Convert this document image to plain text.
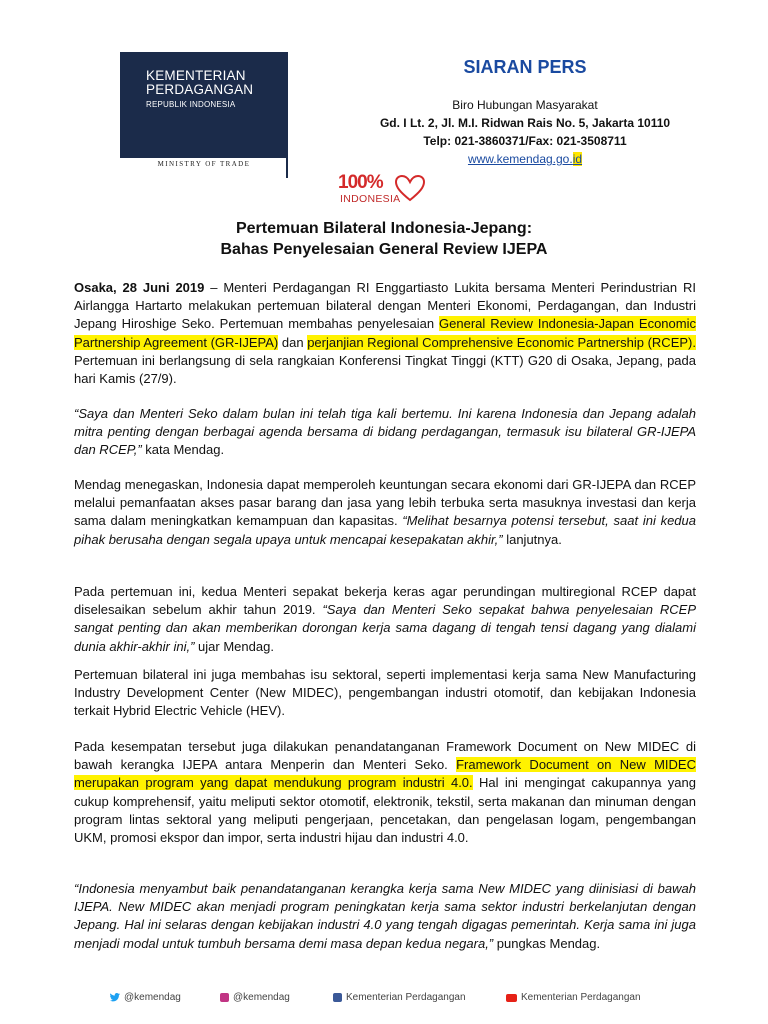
KEMENTERIAN
PERDAGANGAN
REPUBLIK INDONESIA
MINISTRY OF TRADE
SIARAN PERS
Biro Hubungan Masyarakat
Gd. I Lt. 2, Jl. M.I. Ridwan Rais No. 5, Jakarta 10110
Telp: 021-3860371/Fax: 021-3508711
www.kemendag.go.id
100%
INDONESIA
Pertemuan Bilateral Indonesia-Jepang:
Bahas Penyelesaian General Review IJEPA
Osaka, 28 Juni 2019 – Menteri Perdagangan RI Enggartiasto Lukita bersama Menteri Perindustrian RI Airlangga Hartarto melakukan pertemuan bilateral dengan Menteri Ekonomi, Perdagangan, dan Industri Jepang Hiroshige Seko. Pertemuan membahas penyelesaian General Review Indonesia-Japan Economic Partnership Agreement (GR-IJEPA) dan perjanjian Regional Comprehensive Economic Partnership (RCEP). Pertemuan ini berlangsung di sela rangkaian Konferensi Tingkat Tinggi (KTT) G20 di Osaka, Jepang, pada hari Kamis (27/9).
“Saya dan Menteri Seko dalam bulan ini telah tiga kali bertemu. Ini karena Indonesia dan Jepang adalah mitra penting dengan berbagai agenda bersama di bidang perdagangan, termasuk isu bilateral GR-IJEPA dan RCEP,” kata Mendag.
Mendag menegaskan, Indonesia dapat memperoleh keuntungan secara ekonomi dari GR-IJEPA dan RCEP melalui pemanfaatan akses pasar barang dan jasa yang lebih terbuka serta masuknya investasi dan kerja sama dalam meningkatkan kemampuan dan kapasitas. “Melihat besarnya potensi tersebut, saat ini kedua pihak berusaha dengan segala upaya untuk mencapai kesepakatan akhir,” lanjutnya.
Pada pertemuan ini, kedua Menteri sepakat bekerja keras agar perundingan multiregional RCEP dapat diselesaikan sebelum akhir tahun 2019. “Saya dan Menteri Seko sepakat bahwa penyelesaian RCEP sangat penting dan akan memberikan dorongan kerja sama dagang di tengah tensi dagang yang dialami dunia akhir-akhir ini,” ujar Mendag.
Pertemuan bilateral ini juga membahas isu sektoral, seperti implementasi kerja sama New Manufacturing Industry Development Center (New MIDEC), pengembangan industri otomotif, dan kebijakan Indonesia terkait Hybrid Electric Vehicle (HEV).
Pada kesempatan tersebut juga dilakukan penandatanganan Framework Document on New MIDEC di bawah kerangka IJEPA antara Menperin dan Menteri Seko. Framework Document on New MIDEC merupakan program yang dapat mendukung program industri 4.0. Hal ini mengingat cakupannya yang cukup komprehensif, yaitu meliputi sektor otomotif, elektronik, tekstil, serta makanan dan minuman dengan program lintas sektoral yang meliputi pengerjaan, pencetakan, dan pengelasan logam, pengembangan UKM, promosi ekspor dan impor, serta industri hijau dan industri 4.0.
“Indonesia menyambut baik penandatanganan kerangka kerja sama New MIDEC yang diinisiasi di bawah IJEPA. New MIDEC akan menjadi program peningkatan kerja sama sektor industri berkelanjutan dengan Jepang. Hal ini selaras dengan kebijakan industri 4.0 yang tengah digagas pemerintah. Kerja sama ini juga menjadi modal untuk tumbuh bersama demi masa depan kedua negara,” pungkas Mendag.
@kemendag	@kemendag	Kementerian Perdagangan	Kementerian Perdagangan
